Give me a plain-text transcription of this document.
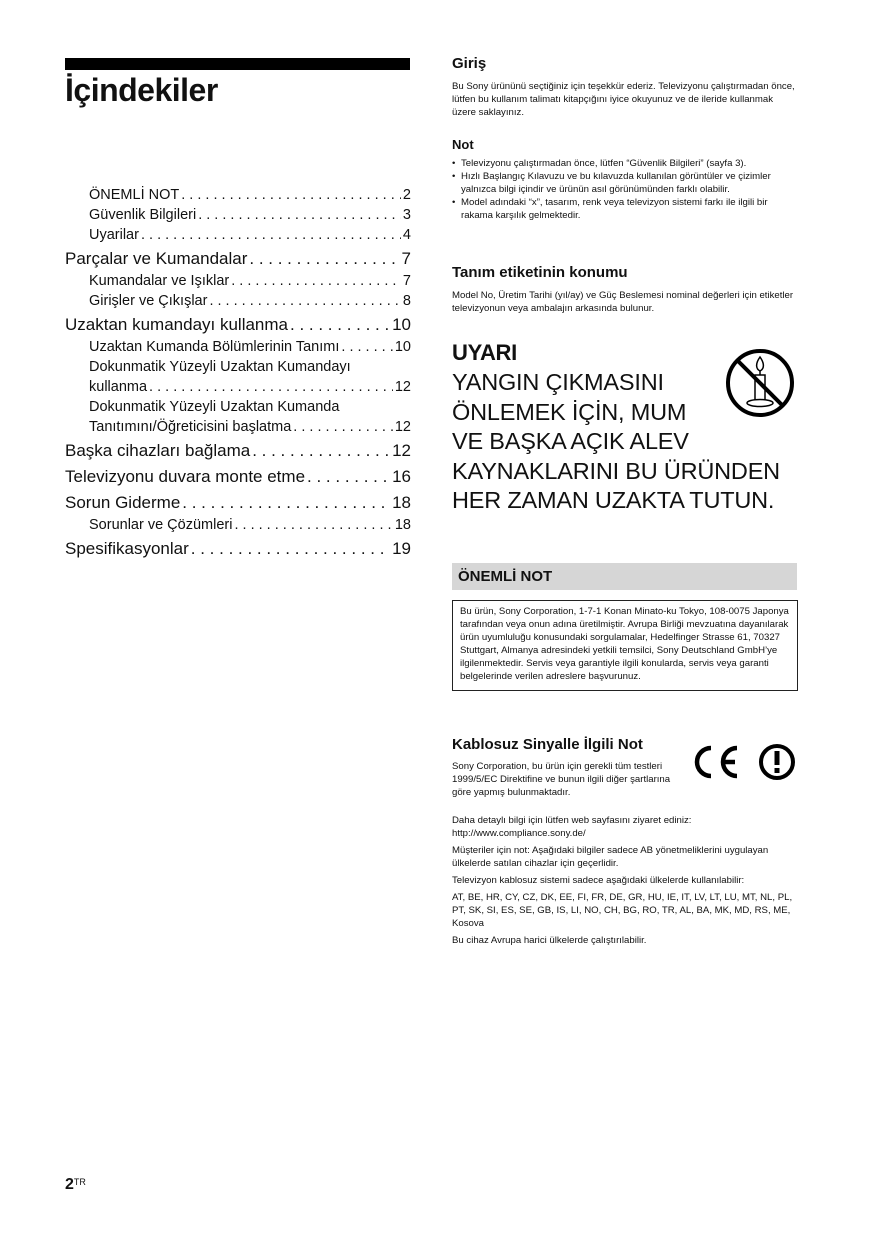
İçindekiler
ÖNEMLİ NOT . . .	2
Güvenlik Bilgileri . . .	3
Uyarilar . . .	4
Parçalar ve Kumandalar . . .	7
Kumandalar ve Işıklar . . .	7
Girişler ve Çıkışlar . . .	8
Uzaktan kumandayı kullanma . . .	10
Uzaktan Kumanda Bölümlerinin Tanımı . . .	10
Dokunmatik Yüzeyli Uzaktan Kumandayı
kullanma . . .	12
Dokunmatik Yüzeyli Uzaktan Kumanda
Tanıtımını/Öğreticisini başlatma . . .	12
Başka cihazları bağlama . . .	12
Televizyonu duvara monte etme . . .	16
Sorun Giderme . . .	18
Sorunlar ve Çözümleri . . .	18
Spesifikasyonlar . . .	19
Giriş
Bu Sony ürününü seçtiğiniz için teşekkür ederiz. Televizyonu çalıştırmadan önce, lütfen bu kullanım talimatı kitapçığını iyice okuyunuz ve de ileride kullanmak üzere saklayınız.
Not
• Televizyonu çalıştırmadan önce, lütfen “Güvenlik Bilgileri” (sayfa 3).
• Hızlı Başlangıç Kılavuzu ve bu kılavuzda kullanılan görüntüler ve çizimler yalnızca bilgi içindir ve ürünün asıl görünümünden farklı olabilir.
• Model adındaki “x”, tasarım, renk veya televizyon sistemi farkı ile ilgili bir rakama karşılık gelmektedir.
Tanım etiketinin konumu
Model No, Üretim Tarihi (yıl/ay) ve Güç Beslemesi nominal değerleri için etiketler televizyonun veya ambalajın arkasında bulunur.
UYARI
YANGIN ÇIKMASINI
ÖNLEMEK İÇİN, MUM
VE BAŞKA AÇIK ALEV
KAYNAKLARINI BU ÜRÜNDEN
HER ZAMAN UZAKTA TUTUN.
ÖNEMLİ NOT
Bu ürün, Sony Corporation, 1-7-1 Konan Minato-ku Tokyo, 108-0075 Japonya tarafından veya onun adına üretilmiştir. Avrupa Birliği mevzuatına dayanılarak ürün uyumluluğu konusundaki sorgulamalar, Hedelfinger Strasse 61, 70327 Stuttgart, Almanya adresindeki yetkili temsilci, Sony Deutschland GmbH’ye ilgilenmektedir. Servis veya garantiyle ilgili konularda, servis veya garanti belgelerinde verilen adreslere başvurunuz.
Kablosuz Sinyalle İlgili Not
Sony Corporation, bu ürün için gerekli tüm testleri 1999/5/EC Direktifine ve bunun ilgili diğer şartlarına göre yapmış bulunmaktadır.

Daha detaylı bilgi için lütfen web sayfasını ziyaret ediniz: http://www.compliance.sony.de/

Müşteriler için not: Aşağıdaki bilgiler sadece AB yönetmeliklerini uygulayan ülkelerde satılan cihazlar için geçerlidir.

Televizyon kablosuz sistemi sadece aşağıdaki ülkelerde kullanılabilir:

AT, BE, HR, CY, CZ, DK, EE, FI, FR, DE, GR, HU, IE, IT, LV, LT, LU, MT, NL, PL, PT, SK, SI, ES, SE, GB, IS, LI, NO, CH, BG, RO, TR, AL, BA, MK, MD, RS, ME, Kosova

Bu cihaz Avrupa harici ülkelerde çalıştırılabilir.

$2^{TR}$
